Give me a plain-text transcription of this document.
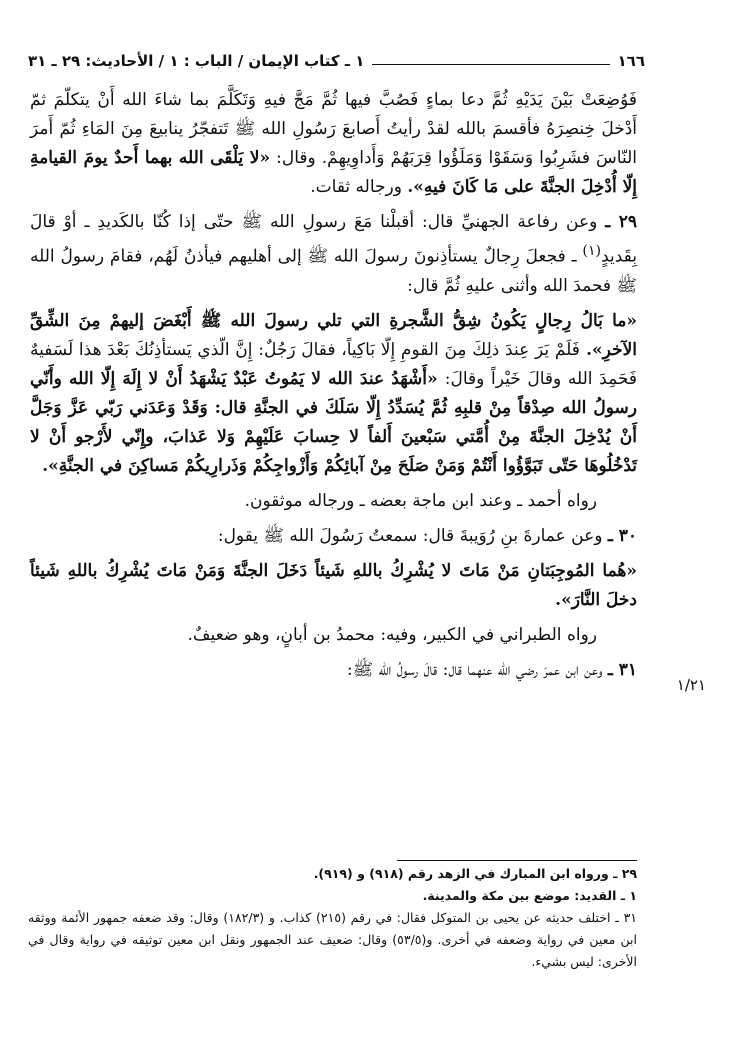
١ ـ كتاب الإيمان / الباب : ١ / الأحاديث: ٢٩ ـ ٣١	١٦٦
١/٢١

فَوُضِعَتْ بَيْنَ يَدَيْهِ ثُمَّ دعا بماءٍ فَصُبَّ فيها ثُمَّ مَجَّ فيهِ وَتَكَلَّمَ بما شاءَ الله أَنْ يتكلّمَ ثمّ أَدْخلَ خِنصِرَهُ فأقسمَ بالله لقدْ رأيتُ أَصابعَ رَسُولِ الله ﷺ تَتفجّرُ ينابيعَ مِنَ المَاءِ ثُمّ أَمرَ النّاسَ فشَرِبُوا وَسَقَوْا وَمَلَؤُوا قِرَبَهُمْ وَأَداوِيهِمْ. وقال: «لا يَلْقَى الله بهما أَحدٌ يومَ القيامةِ إِلّا أُدْخِلَ الجنَّةَ على مَا كَانَ فيهِ». ورجاله ثقات.

٢٩ ـ وعن رفاعة الجهنيِّ قال: أقبلْنا مَعَ رسولِ الله ﷺ حتّى إذا كُنّا بالكَديدِ ـ أوْ قالَ بِقَديدٍ$^{(١)}$ ـ فجعلَ رِجالٌ يستأذِنونَ رسولَ الله ﷺ إلى أهليهم فيأذنُ لَهُم، فقامَ رسولُ الله ﷺ فحمدَ الله وأثنى عليهِ ثُمَّ قال:

«ما بَالُ رِجالٍ يَكُونُ شِقُّ الشَّجرةِ التي تلي رسولَ الله ﷺ أَبْغَضَ إليهمْ مِنَ الشِّقِّ الآخرِ». فَلَمْ يَرَ عِندَ ذلِكَ مِنَ القومِ إِلّا بَاكِياً، فقالَ رَجُلٌ: إِنَّ الّذي يَستأذِنُكَ بَعْدَ هذا لَسَفيهٌ فَحَمِدَ الله وقالَ خَيْراً وقالَ: «أَشْهَدُ عندَ الله لا يَمُوتُ عَبْدٌ يَشْهَدُ أَنْ لا إِلَهَ إِلّا الله وأَنّي رسولُ الله صِدْقاً مِنْ قلبِهِ ثُمَّ يُسَدِّدُ إِلّا سَلَكَ في الجنَّةِ قال: وَقَدْ وَعَدَني رَبّي عَزَّ وَجَلَّ أَنْ يُدْخِلَ الجنَّةَ مِنْ أُمَّتي سَبْعينَ أَلفاً لا حِسابَ عَلَيْهِمْ وَلا عَذابَ، وإِنّي لأَرْجو أَنْ لا تَدْخُلُوهَا حَتّى تَبَوَّؤُوا أَنْتُمْ وَمَنْ صَلَحَ مِنْ آبائِكُمْ وَأَزْواجِكُمْ وَذَرارِيكُمْ مَساكِنَ في الجنَّةِ».

رواه أحمد ـ وعند ابن ماجة بعضه ـ ورجاله موثقون.

٣٠ ـ وعن عمارةَ بنِ رُوَيبةَ قال: سمعتُ رَسُولَ الله ﷺ يقول:

«هُما المُوجِبَتانِ مَنْ مَاتَ لا يُشْرِكُ باللهِ شَيئاً دَخَلَ الجنَّةَ وَمَنْ مَاتَ يُشْرِكُ باللهِ شَيئاً دخلَ النَّارَ».

رواه الطبراني في الكبير، وفيه: محمدُ بن أبانٍ، وهو ضعيفٌ.

٣١ ـ وعن ابن عمرَ رضي الله عنهما قال: قالَ رسولُ الله ﷺ:

٢٩ ـ ورواه ابن المبارك في الزهد رقم (٩١٨) و (٩١٩).

١ ـ القديد: موضع بين مكة والمدينة.

٣١ ـ اختلف حديثه عن يحيى بن المتوكل فقال: في رقم (٢١٥) كذاب. و (١٨٢/٣) وقال: وقد ضعفه جمهور الأئمة ووثقه ابن معين في رواية وضعفه في أخرى. و(٥٣/٥) وقال: ضعيف عند الجمهور ونقل ابن معين توثيقه في رواية وقال في الأخرى: ليس بشيء.
